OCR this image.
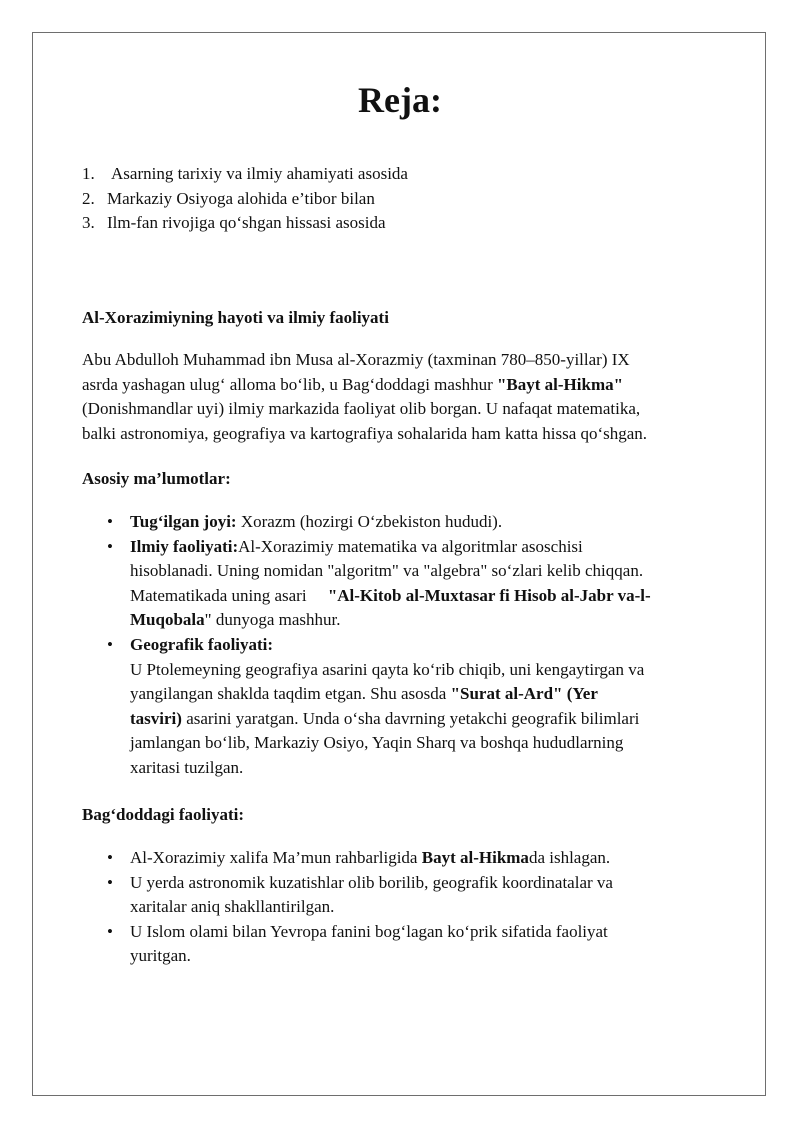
Reja:
1. Asarning tarixiy va ilmiy ahamiyati asosida
2. Markaziy Osiyoga alohida e’tibor bilan
3. Ilm-fan rivojiga qo‘shgan hissasi asosida
Al-Xorazimiyning hayoti va ilmiy faoliyati

Abu Abdulloh Muhammad ibn Musa al-Xorazmiy (taxminan 780–850-yillar) IX
asrda yashagan ulug‘ alloma bo‘lib, u Bag‘doddagi mashhur "Bayt al-Hikma"
(Donishmandlar uyi) ilmiy markazida faoliyat olib borgan. U nafaqat matematika,
balki astronomiya, geografiya va kartografiya sohalarida ham katta hissa qo‘shgan.

Asosiy ma’lumotlar:
• Tug‘ilgan joyi: Xorazm (hozirgi O‘zbekiston hududi).
• Ilmiy faoliyati:Al-Xorazimiy matematika va algoritmlar asoschisi
hisoblanadi. Uning nomidan "algoritm" va "algebra" so‘zlari kelib chiqqan.
Matematikada uning asari     "Al-Kitob al-Muxtasar fi Hisob al-Jabr va-l-
Muqobala" dunyoga mashhur.
• Geografik faoliyati:
U Ptolemeyning geografiya asarini qayta ko‘rib chiqib, uni kengaytirgan va
yangilangan shakldа taqdim etgan. Shu asosda "Surat al-Ard" (Yer
tasviri) asarini yaratgan. Unda o‘sha davrning yetakchi geografik bilimlari
jamlangan bo‘lib, Markaziy Osiyo, Yaqin Sharq va boshqa hududlarning
xaritasi tuzilgan.
Bag‘doddagi faoliyati:
• Al-Xorazimiy xalifa Ma’mun rahbarligida Bayt al-Hikmada ishlagan.
• U yerda astronomik kuzatishlar olib borilib, geografik koordinatalar va
xaritalar aniq shakllantirilgan.
• U Islom olami bilan Yevropa fanini bog‘lagan ko‘prik sifatida faoliyat
yuritgan.
